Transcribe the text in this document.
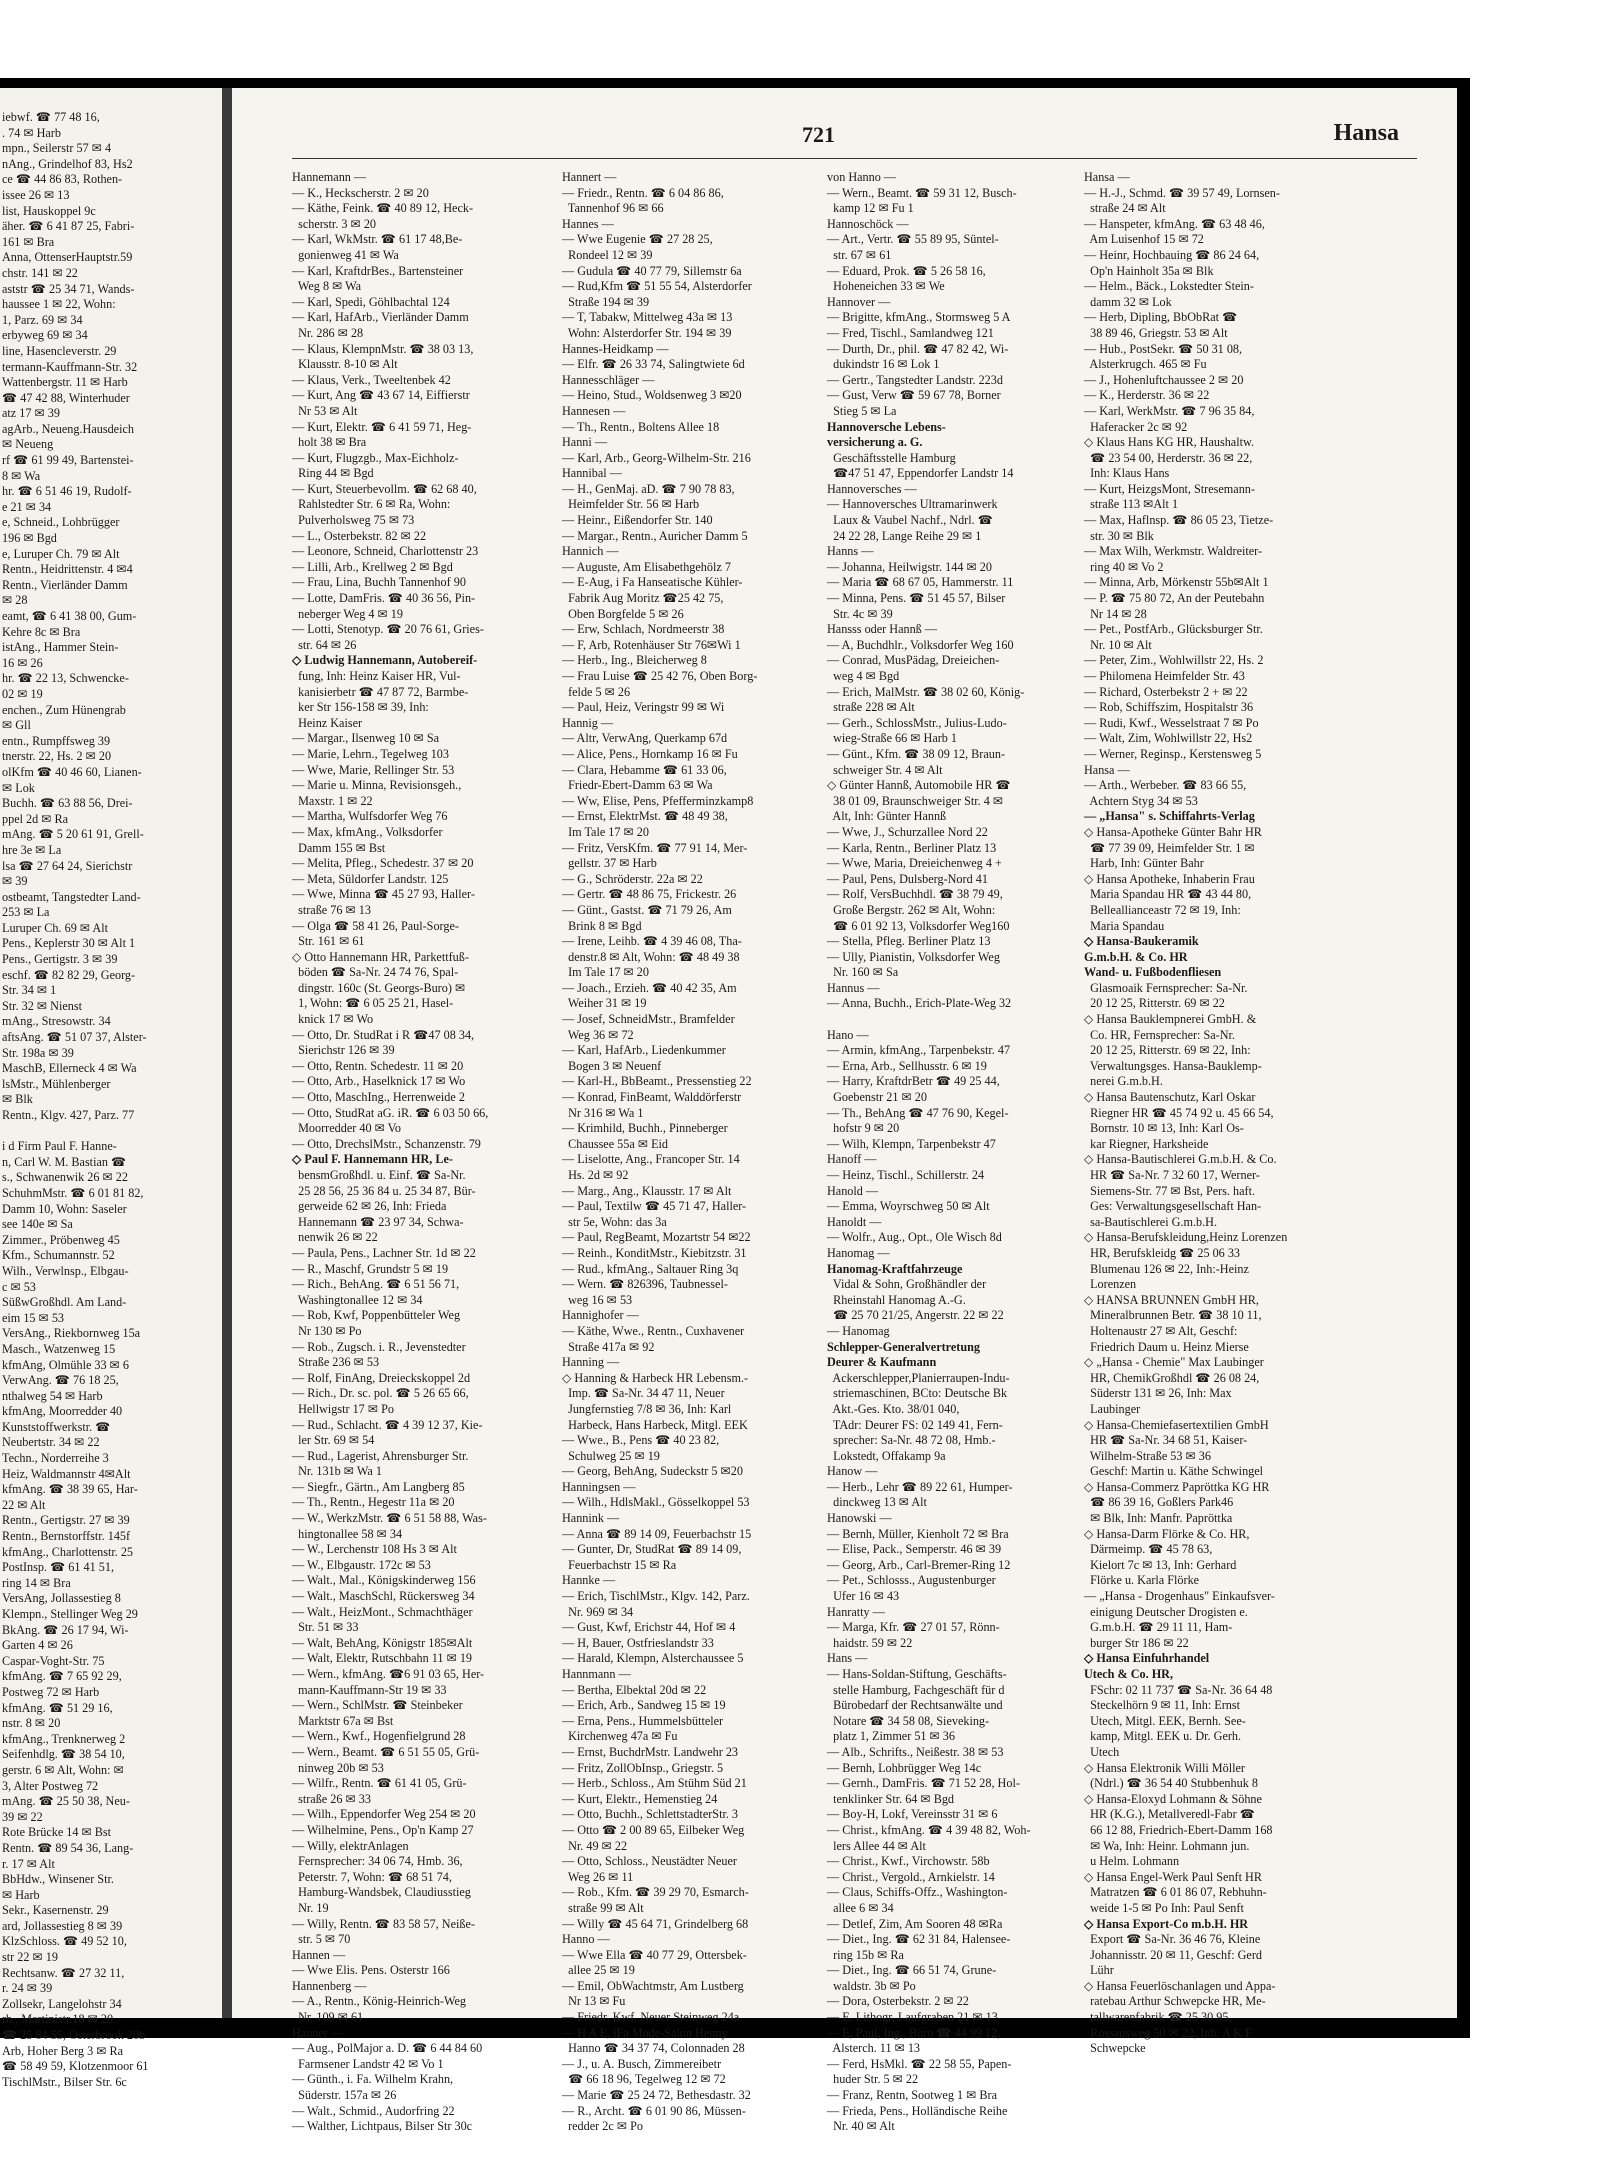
iebwf. ☎ 77 48 16,
. 74 ✉ Harb
mpn., Seilerstr 57 ✉ 4
nAng., Grindelhof 83, Hs2
ce ☎ 44 86 83, Rothen-
issee 26 ✉ 13
list, Hauskoppel 9c
äher. ☎ 6 41 87 25, Fabri-
161 ✉ Bra
Anna, OttenserHauptstr.59
chstr. 141 ✉ 22
aststr ☎ 25 34 71, Wands-
haussee 1 ✉ 22, Wohn:
1, Parz. 69 ✉ 34
erbyweg 69 ✉ 34
line, Hasencleverstr. 29
termann-Kauffmann-Str. 32
Wattenbergstr. 11 ✉ Harb
☎ 47 42 88, Winterhuder
atz 17 ✉ 39
agArb., Neueng.Hausdeich
✉ Neueng
rf ☎ 61 99 49, Bartenstei-
8 ✉ Wa
hr. ☎ 6 51 46 19, Rudolf-
e 21 ✉ 34
e, Schneid., Lohbrügger
196 ✉ Bgd
e, Luruper Ch. 79 ✉ Alt
Rentn., Heidrittenstr. 4 ✉4
Rentn., Vierländer Damm
✉ 28
eamt, ☎ 6 41 38 00, Gum-
Kehre 8c ✉ Bra
istAng., Hammer Stein-
16 ✉ 26
hr. ☎ 22 13, Schwencke-
02 ✉ 19
enchen., Zum Hünengrab
✉ Gll
entn., Rumpffsweg 39
tnerstr. 22, Hs. 2 ✉ 20
olKfm ☎ 40 46 60, Lianen-
✉ Lok
Buchh. ☎ 63 88 56, Drei-
ppel 2d ✉ Ra
mAng. ☎ 5 20 61 91, Grell-
hre 3e ✉ La
lsa ☎ 27 64 24, Sierichstr
✉ 39
ostbeamt, Tangstedter Land-
253 ✉ La
Luruper Ch. 69 ✉ Alt
Pens., Keplerstr 30 ✉ Alt 1
Pens., Gertigstr. 3 ✉ 39
eschf. ☎ 82 82 29, Georg-
Str. 34 ✉ 1
Str. 32 ✉ Nienst
mAng., Stresowstr. 34
aftsAng. ☎ 51 07 37, Alster-
Str. 198a ✉ 39
MaschB, Ellerneck 4 ✉ Wa
lsMstr., Mühlenberger
✉ Blk
Rentn., Klgv. 427, Parz. 77
i d Firm Paul F. Hanne-
n, Carl W. M. Bastian ☎
s., Schwanenwik 26 ✉ 22
SchuhmMstr. ☎ 6 01 81 82,
Damm 10, Wohn: Saseler
see 140e ✉ Sa
Zimmer., Pröbenweg 45
Kfm., Schumannstr. 52
Wilh., Verwlnsp., Elbgau-
c ✉ 53
SüßwGroßhdl. Am Land-
eim 15 ✉ 53
VersAng., Riekbornweg 15a
Masch., Watzenweg 15
kfmAng, Olmühle 33 ✉ 6
VerwAng. ☎ 76 18 25,
nthalweg 54 ✉ Harb
kfmAng, Moorredder 40
Kunststoffwerkstr. ☎
Neubertstr. 34 ✉ 22
Techn., Norderreihe 3
Heiz, Waldmannstr 4✉Alt
kfmAng. ☎ 38 39 65, Har-
22 ✉ Alt
Rentn., Gertigstr. 27 ✉ 39
Rentn., Bernstorffstr. 145f
kfmAng., Charlottenstr. 25
PostInsp. ☎ 61 41 51,
ring 14 ✉ Bra
VersAng, Jollassestieg 8
Klempn., Stellinger Weg 29
BkAng. ☎ 26 17 94, Wi-
Garten 4 ✉ 26
Caspar-Voght-Str. 75
kfmAng. ☎ 7 65 92 29,
Postweg 72 ✉ Harb
kfmAng. ☎ 51 29 16,
nstr. 8 ✉ 20
kfmAng., Trenknerweg 2
Seifenhdlg. ☎ 38 54 10,
gerstr. 6 ✉ Alt, Wohn: ✉
3, Alter Postweg 72
mAng. ☎ 25 50 38, Neu-
39 ✉ 22
Rote Brücke 14 ✉ Bst
Rentn. ☎ 89 54 36, Lang-
r. 17 ✉ Alt
BbHdw., Winsener Str.
✉ Harb
Sekr., Kasernenstr. 29
ard, Jollassestieg 8 ✉ 39
KlzSchloss. ☎ 49 52 10,
str 22 ✉ 19
Rechtsanw. ☎ 27 32 11,
r. 24 ✉ 39
Zollsekr, Langelohstr 34
rb., Martinistr.18 ✉ 20
☎ 25 84 55, Osterbrook 20b
Arb, Hoher Berg 3 ✉ Ra
☎ 58 49 59, Klotzenmoor 61
TischlMstr., Bilser Str. 6c
721	Hansa
Hannemann —
— K., Heckscherstr. 2 ✉ 20
— Käthe, Feink. ☎ 40 89 12, Heck-
scherstr. 3 ✉ 20
— Karl, WkMstr. ☎ 61 17 48,Be-
gonienweg 41 ✉ Wa
— Karl, KraftdrBes., Bartensteiner
Weg 8 ✉ Wa
— Karl, Spedi, Göhlbachtal 124
— Karl, HafArb., Vierländer Damm
Nr. 286 ✉ 28
— Klaus, KlempnMstr. ☎ 38 03 13,
Klausstr. 8-10 ✉ Alt
— Klaus, Verk., Tweeltenbek 42
— Kurt, Ang ☎ 43 67 14, Eiffierstr
Nr 53 ✉ Alt
— Kurt, Elektr. ☎ 6 41 59 71, Heg-
holt 38 ✉ Bra
— Kurt, Flugzgb., Max-Eichholz-
Ring 44 ✉ Bgd
— Kurt, Steuerbevollm. ☎ 62 68 40,
Rahlstedter Str. 6 ✉ Ra, Wohn:
Pulverholsweg 75 ✉ 73
— L., Osterbekstr. 82 ✉ 22
— Leonore, Schneid, Charlottenstr 23
— Lilli, Arb., Krellweg 2 ✉ Bgd
— Frau, Lina, Buchh Tannenhof 90
— Lotte, DamFris. ☎ 40 36 56, Pin-
neberger Weg 4 ✉ 19
— Lotti, Stenotyp. ☎ 20 76 61, Gries-
str. 64 ✉ 26
◇ Ludwig Hannemann, Autobereif-
fung, Inh: Heinz Kaiser HR, Vul-
kanisierbetr ☎ 47 87 72, Barmbe-
ker Str 156-158 ✉ 39, Inh:
Heinz Kaiser
— Margar., Ilsenweg 10 ✉ Sa
— Marie, Lehrn., Tegelweg 103
— Wwe, Marie, Rellinger Str. 53
— Marie u. Minna, Revisionsgeh.,
Maxstr. 1 ✉ 22
— Martha, Wulfsdorfer Weg 76
— Max, kfmAng., Volksdorfer
Damm 155 ✉ Bst
— Melita, Pfleg., Schedestr. 37 ✉ 20
— Meta, Süldorfer Landstr. 125
— Wwe, Minna ☎ 45 27 93, Haller-
straße 76 ✉ 13
— Olga ☎ 58 41 26, Paul-Sorge-
Str. 161 ✉ 61
◇ Otto Hannemann HR, Parkettfuß-
böden ☎ Sa-Nr. 24 74 76, Spal-
dingstr. 160c (St. Georgs-Buro) ✉
1, Wohn: ☎ 6 05 25 21, Hasel-
knick 17 ✉ Wo
— Otto, Dr. StudRat i R ☎47 08 34,
Sierichstr 126 ✉ 39
— Otto, Rentn. Schedestr. 11 ✉ 20
— Otto, Arb., Haselknick 17 ✉ Wo
— Otto, MaschIng., Herrenweide 2
— Otto, StudRat aG. iR. ☎ 6 03 50 66,
Moorredder 40 ✉ Vo
— Otto, DrechslMstr., Schanzenstr. 79
◇ Paul F. Hannemann HR, Le-
bensmGroßhdl. u. Einf. ☎ Sa-Nr.
25 28 56, 25 36 84 u. 25 34 87, Bür-
gerweide 62 ✉ 26, Inh: Frieda
Hannemann ☎ 23 97 34, Schwa-
nenwik 26 ✉ 22
— Paula, Pens., Lachner Str. 1d ✉ 22
— R., Maschf, Grundstr 5 ✉ 19
— Rich., BehAng. ☎ 6 51 56 71,
Washingtonallee 12 ✉ 34
— Rob, Kwf, Poppenbütteler Weg
Nr 130 ✉ Po
— Rob., Zugsch. i. R., Jevenstedter
Straße 236 ✉ 53
— Rolf, FinAng, Dreieckskoppel 2d
— Rich., Dr. sc. pol. ☎ 5 26 65 66,
Hellwigstr 17 ✉ Po
— Rud., Schlacht. ☎ 4 39 12 37, Kie-
ler Str. 69 ✉ 54
— Rud., Lagerist, Ahrensburger Str.
Nr. 131b ✉ Wa 1
— Siegfr., Gärtn., Am Langberg 85
— Th., Rentn., Hegestr 11a ✉ 20
— W., WerkzMstr. ☎ 6 51 58 88, Was-
hingtonallee 58 ✉ 34
— W., Lerchenstr 108 Hs 3 ✉ Alt
— W., Elbgaustr. 172c ✉ 53
— Walt., Mal., Königskinderweg 156
— Walt., MaschSchl, Rückersweg 34
— Walt., HeizMont., Schmachthäger
Str. 51 ✉ 33
— Walt, BehAng, Königstr 185✉Alt
— Walt, Elektr, Rutschbahn 11 ✉ 19
— Wern., kfmAng. ☎6 91 03 65, Her-
mann-Kauffmann-Str 19 ✉ 33
— Wern., SchlMstr. ☎ Steinbeker
Marktstr 67a ✉ Bst
— Wern., Kwf., Hogenfielgrund 28
— Wern., Beamt. ☎ 6 51 55 05, Grü-
ninweg 20b ✉ 53
— Wilfr., Rentn. ☎ 61 41 05, Grü-
straße 26 ✉ 33
— Wilh., Eppendorfer Weg 254 ✉ 20
— Wilhelmine, Pens., Op'n Kamp 27
— Willy, elektrAnlagen
Fernsprecher: 34 06 74, Hmb. 36,
Peterstr. 7, Wohn: ☎ 68 51 74,
Hamburg-Wandsbek, Claudiusstieg
Nr. 19
— Willy, Rentn. ☎ 83 58 57, Neiße-
str. 5 ✉ 70
Hannen —
— Wwe Elis. Pens. Osterstr 166
Hannenberg —
— A., Rentn., König-Heinrich-Weg
Nr. 109 ✉ 61
Hanner —
— Aug., PolMajor a. D. ☎ 6 44 84 60
Farmsener Landstr 42 ✉ Vo 1
— Günth., i. Fa. Wilhelm Krahn,
Süderstr. 157a ✉ 26
— Walt., Schmid., Audorfring 22
— Walther, Lichtpaus, Bilser Str 30c
Hannert —
— Friedr., Rentn. ☎ 6 04 86 86,
Tannenhof 96 ✉ 66
Hannes —
— Wwe Eugenie ☎ 27 28 25,
Rondeel 12 ✉ 39
— Gudula ☎ 40 77 79, Sillemstr 6a
— Rud,Kfm ☎ 51 55 54, Alsterdorfer
Straße 194 ✉ 39
— T, Tabakw, Mittelweg 43a ✉ 13
Wohn: Alsterdorfer Str. 194 ✉ 39
Hannes-Heidkamp —
— Elfr. ☎ 26 33 74, Salingtwiete 6d
Hannesschläger —
— Heino, Stud., Woldsenweg 3 ✉20
Hannesen —
— Th., Rentn., Boltens Allee 18
Hanni —
— Karl, Arb., Georg-Wilhelm-Str. 216
Hannibal —
— H., GenMaj. aD. ☎ 7 90 78 83,
Heimfelder Str. 56 ✉ Harb
— Heinr., Eißendorfer Str. 140
— Margar., Rentn., Auricher Damm 5
Hannich —
— Auguste, Am Elisabethgehölz 7
— E-Aug, i Fa Hanseatische Kühler-
Fabrik Aug Moritz ☎25 42 75,
Oben Borgfelde 5 ✉ 26
— Erw, Schlach, Nordmeerstr 38
— F, Arb, Rotenhäuser Str 76✉Wi 1
— Herb., Ing., Bleicherweg 8
— Frau Luise ☎ 25 42 76, Oben Borg-
felde 5 ✉ 26
— Paul, Heiz, Veringstr 99 ✉ Wi
Hannig —
— Altr, VerwAng, Querkamp 67d
— Alice, Pens., Hornkamp 16 ✉ Fu
— Clara, Hebamme ☎ 61 33 06,
Friedr-Ebert-Damm 63 ✉ Wa
— Ww, Elise, Pens, Pfefferminzkamp8
— Ernst, ElektrMst. ☎ 48 49 38,
Im Tale 17 ✉ 20
— Fritz, VersKfm. ☎ 77 91 14, Mer-
gellstr. 37 ✉ Harb
— G., Schröderstr. 22a ✉ 22
— Gertr. ☎ 48 86 75, Frickestr. 26
— Günt., Gastst. ☎ 71 79 26, Am
Brink 8 ✉ Bgd
— Irene, Leihb. ☎ 4 39 46 08, Tha-
denstr.8 ✉ Alt, Wohn: ☎ 48 49 38
Im Tale 17 ✉ 20
— Joach., Erzieh. ☎ 40 42 35, Am
Weiher 31 ✉ 19
— Josef, SchneidMstr., Bramfelder
Weg 36 ✉ 72
— Karl, HafArb., Liedenkummer
Bogen 3 ✉ Neuenf
— Karl-H., BbBeamt., Pressenstieg 22
— Konrad, FinBeamt, Walddörferstr
Nr 316 ✉ Wa 1
— Krimhild, Buchh., Pinneberger
Chaussee 55a ✉ Eid
— Liselotte, Ang., Francoper Str. 14
Hs. 2d ✉ 92
— Marg., Ang., Klausstr. 17 ✉ Alt
— Paul, Textilw ☎ 45 71 47, Haller-
str 5e, Wohn: das 3a
— Paul, RegBeamt, Mozartstr 54 ✉22
— Reinh., KonditMstr., Kiebitzstr. 31
— Rud., kfmAng., Saltauer Ring 3q
— Wern. ☎ 826396, Taubnessel-
weg 16 ✉ 53
Hannighofer —
— Käthe, Wwe., Rentn., Cuxhavener
Straße 417a ✉ 92
Hanning —
◇ Hanning & Harbeck HR Lebensm.-
Imp. ☎ Sa-Nr. 34 47 11, Neuer
Jungfernstieg 7/8 ✉ 36, Inh: Karl
Harbeck, Hans Harbeck, Mitgl. EEK
— Wwe., B., Pens ☎ 40 23 82,
Schulweg 25 ✉ 19
— Georg, BehAng, Sudeckstr 5 ✉20
Hanningsen —
— Wilh., HdlsMakl., Gösselkoppel 53
Hannink —
— Anna ☎ 89 14 09, Feuerbachstr 15
— Gunter, Dr, StudRat ☎ 89 14 09,
Feuerbachstr 15 ✉ Ra
Hannke —
— Erich, TischlMstr., Klgv. 142, Parz.
Nr. 969 ✉ 34
— Gust, Kwf, Erichstr 44, Hof ✉ 4
— H, Bauer, Ostfrieslandstr 33
— Harald, Klempn, Alsterchaussee 5
Hannmann —
— Bertha, Elbektal 20d ✉ 22
— Erich, Arb., Sandweg 15 ✉ 19
— Erna, Pens., Hummelsbütteler
Kirchenweg 47a ✉ Fu
— Ernst, BuchdrMstr. Landwehr 23
— Fritz, ZollObInsp., Griegstr. 5
— Herb., Schloss., Am Stühm Süd 21
— Kurt, Elektr., Hemenstieg 24
— Otto, Buchh., SchlettstadterStr. 3
— Otto ☎ 2 00 89 65, Eilbeker Weg
Nr. 49 ✉ 22
— Otto, Schloss., Neustädter Neuer
Weg 26 ✉ 11
— Rob., Kfm. ☎ 39 29 70, Esmarch-
straße 99 ✉ Alt
— Willy ☎ 45 64 71, Grindelberg 68
Hanno —
— Wwe Ella ☎ 40 77 29, Ottersbek-
allee 25 ✉ 19
— Emil, ObWachtmstr, Am Lustberg
Nr 13 ✉ Fu
— Friedr, Kwf, Neuer Steinweg 24a
— H A E, iFa Mode-Salon Henny
Hanno ☎ 34 37 74, Colonnaden 28
— J., u. A. Busch, Zimmereibetr
☎ 66 18 96, Tegelweg 12 ✉ 72
— Marie ☎ 25 24 72, Bethesdastr. 32
— R., Archt. ☎ 6 01 90 86, Müssen-
redder 2c ✉ Po
von Hanno —
— Wern., Beamt. ☎ 59 31 12, Busch-
kamp 12 ✉ Fu 1
Hannoschöck —
— Art., Vertr. ☎ 55 89 95, Süntel-
str. 67 ✉ 61
— Eduard, Prok. ☎ 5 26 58 16,
Hoheneichen 33 ✉ We
Hannover —
— Brigitte, kfmAng., Stormsweg 5 A
— Fred, Tischl., Samlandweg 121
— Durth, Dr., phil. ☎ 47 82 42, Wi-
dukindstr 16 ✉ Lok 1
— Gertr., Tangstedter Landstr. 223d
— Gust, Verw ☎ 59 67 78, Borner
Stieg 5 ✉ La
Hannoversche Lebens-
versicherung a. G.
Geschäftsstelle Hamburg
☎47 51 47, Eppendorfer Landstr 14
Hannoversches —
— Hannoversches Ultramarinwerk
Laux & Vaubel Nachf., Ndrl. ☎
24 22 28, Lange Reihe 29 ✉ 1
Hanns —
— Johanna, Heilwigstr. 144 ✉ 20
— Maria ☎ 68 67 05, Hammerstr. 11
— Minna, Pens. ☎ 51 45 57, Bilser
Str. 4c ✉ 39
Hansss oder Hannß —
— A, Buchdhlr., Volksdorfer Weg 160
— Conrad, MusPädag, Dreieichen-
weg 4 ✉ Bgd
— Erich, MalMstr. ☎ 38 02 60, König-
straße 228 ✉ Alt
— Gerh., SchlossMstr., Julius-Ludo-
wieg-Straße 66 ✉ Harb 1
— Günt., Kfm. ☎ 38 09 12, Braun-
schweiger Str. 4 ✉ Alt
◇ Günter Hannß, Automobile HR ☎
38 01 09, Braunschweiger Str. 4 ✉
Alt, Inh: Günter Hannß
— Wwe, J., Schurzallee Nord 22
— Karla, Rentn., Berliner Platz 13
— Wwe, Maria, Dreieichenweg 4 +
— Paul, Pens, Dulsberg-Nord 41
— Rolf, VersBuchhdl. ☎ 38 79 49,
Große Bergstr. 262 ✉ Alt, Wohn:
☎ 6 01 92 13, Volksdorfer Weg160
— Stella, Pfleg. Berliner Platz 13
— Ully, Pianistin, Volksdorfer Weg
Nr. 160 ✉ Sa
Hannus —
— Anna, Buchh., Erich-Plate-Weg 32
Hano —
— Armin, kfmAng., Tarpenbekstr. 47
— Erna, Arb., Sellhusstr. 6 ✉ 19
— Harry, KraftdrBetr ☎ 49 25 44,
Goebenstr 21 ✉ 20
— Th., BehAng ☎ 47 76 90, Kegel-
hofstr 9 ✉ 20
— Wilh, Klempn, Tarpenbekstr 47
Hanoff —
— Heinz, Tischl., Schillerstr. 24
Hanold —
— Emma, Woyrschweg 50 ✉ Alt
Hanoldt —
— Wolfr., Aug., Opt., Ole Wisch 8d
Hanomag —
Hanomag-Kraftfahrzeuge
Vidal & Sohn, Großhändler der
Rheinstahl Hanomag A.-G.
☎ 25 70 21/25, Angerstr. 22 ✉ 22
— Hanomag
Schlepper-Generalvertretung
Deurer & Kaufmann
Ackerschlepper,Planierraupen-Indu-
striemaschinen, BCto: Deutsche Bk
Akt.-Ges. Kto. 38/01 040,
TAdr: Deurer FS: 02 149 41, Fern-
sprecher: Sa-Nr. 48 72 08, Hmb.-
Lokstedt, Offakamp 9a
Hanow —
— Herb., Lehr ☎ 89 22 61, Humper-
dinckweg 13 ✉ Alt
Hanowski —
— Bernh, Müller, Kienholt 72 ✉ Bra
— Elise, Pack., Semperstr. 46 ✉ 39
— Georg, Arb., Carl-Bremer-Ring 12
— Pet., Schlosss., Augustenburger
Ufer 16 ✉ 43
Hanratty —
— Marga, Kfr. ☎ 27 01 57, Rönn-
haidstr. 59 ✉ 22
Hans —
— Hans-Soldan-Stiftung, Geschäfts-
stelle Hamburg, Fachgeschäft für d
Bürobedarf der Rechtsanwälte und
Notare ☎ 34 58 08, Sieveking-
platz 1, Zimmer 51 ✉ 36
— Alb., Schrifts., Neißestr. 38 ✉ 53
— Bernh, Lohbrügger Weg 14c
— Gernh., DamFris. ☎ 71 52 28, Hol-
tenklinker Str. 64 ✉ Bgd
— Boy-H, Lokf, Vereinsstr 31 ✉ 6
— Christ., kfmAng. ☎ 4 39 48 82, Woh-
lers Allee 44 ✉ Alt
— Christ., Kwf., Virchowstr. 58b
— Christ., Vergold., Arnkielstr. 14
— Claus, Schiffs-Offz., Washington-
allee 6 ✉ 34
— Detlef, Zim, Am Sooren 48 ✉Ra
— Diet., Ing. ☎ 62 31 84, Halensee-
ring 15b ✉ Ra
— Diet., Ing. ☎ 66 51 74, Grune-
waldstr. 3b ✉ Po
— Dora, Osterbekstr. 2 ✉ 22
— E, Lithogr, Laufgraben 21 ✉ 13
— E, Paul, Ing., Büro ☎ 44 99 12,
Alsterch. 11 ✉ 13
— Ferd, HsMkl. ☎ 22 58 55, Papen-
huder Str. 5 ✉ 22
— Franz, Rentn, Sootweg 1 ✉ Bra
— Frieda, Pens., Holländische Reihe
Nr. 40 ✉ Alt
Hansa —
— H.-J., Schmd. ☎ 39 57 49, Lornsen-
straße 24 ✉ Alt
— Hanspeter, kfmAng. ☎ 63 48 46,
Am Luisenhof 15 ✉ 72
— Heinr, Hochbauing ☎ 86 24 64,
Op'n Hainholt 35a ✉ Blk
— Helm., Bäck., Lokstedter Stein-
damm 32 ✉ Lok
— Herb, Dipling, BbObRat ☎
38 89 46, Griegstr. 53 ✉ Alt
— Hub., PostSekr. ☎ 50 31 08,
Alsterkrugch. 465 ✉ Fu
— J., Hohenluftchaussee 2 ✉ 20
— K., Herderstr. 36 ✉ 22
— Karl, WerkMstr. ☎ 7 96 35 84,
Haferacker 2c ✉ 92
◇ Klaus Hans KG HR, Haushaltw.
☎ 23 54 00, Herderstr. 36 ✉ 22,
Inh: Klaus Hans
— Kurt, HeizgsMont, Stresemann-
straße 113 ✉Alt 1
— Max, Haflnsp. ☎ 86 05 23, Tietze-
str. 30 ✉ Blk
— Max Wilh, Werkmstr. Waldreiter-
ring 40 ✉ Vo 2
— Minna, Arb, Mörkenstr 55b✉Alt 1
— P. ☎ 75 80 72, An der Peutebahn
Nr 14 ✉ 28
— Pet., PostfArb., Glücksburger Str.
Nr. 10 ✉ Alt
— Peter, Zim., Wohlwillstr 22, Hs. 2
— Philomena Heimfelder Str. 43
— Richard, Osterbekstr 2 + ✉ 22
— Rob, Schiffszim, Hospitalstr 36
— Rudi, Kwf., Wesselstraat 7 ✉ Po
— Walt, Zim, Wohlwillstr 22, Hs2
— Werner, Reginsp., Kerstensweg 5
Hansa —
— Arth., Werbeber. ☎ 83 66 55,
Achtern Styg 34 ✉ 53
— „Hansa" s. Schiffahrts-Verlag
◇ Hansa-Apotheke Günter Bahr HR
☎ 77 39 09, Heimfelder Str. 1 ✉
Harb, Inh: Günter Bahr
◇ Hansa Apotheke, Inhaberin Frau
Maria Spandau HR ☎ 43 44 80,
Belleallianceastr 72 ✉ 19, Inh:
Maria Spandau
◇ Hansa-Baukeramik
G.m.b.H. & Co. HR
Wand- u. Fußbodenfliesen
Glasmoaik Fernsprecher: Sa-Nr.
20 12 25, Ritterstr. 69 ✉ 22
◇ Hansa Bauklempnerei GmbH. &
Co. HR, Fernsprecher: Sa-Nr.
20 12 25, Ritterstr. 69 ✉ 22, Inh:
Verwaltungsges. Hansa-Bauklemp-
nerei G.m.b.H.
◇ Hansa Bautenschutz, Karl Oskar
Riegner HR ☎ 45 74 92 u. 45 66 54,
Bornstr. 10 ✉ 13, Inh: Karl Os-
kar Riegner, Harksheide
◇ Hansa-Bautischlerei G.m.b.H. & Co.
HR ☎ Sa-Nr. 7 32 60 17, Werner-
Siemens-Str. 77 ✉ Bst, Pers. haft.
Ges: Verwaltungsgesellschaft Han-
sa-Bautischlerei G.m.b.H.
◇ Hansa-Berufskleidung,Heinz Lorenzen
HR, Berufskleidg ☎ 25 06 33
Blumenau 126 ✉ 22, Inh:-Heinz
Lorenzen
◇ HANSA BRUNNEN GmbH HR,
Mineralbrunnen Betr. ☎ 38 10 11,
Holtenaustr 27 ✉ Alt, Geschf:
Friedrich Daum u. Heinz Mierse
◇ „Hansa - Chemie" Max Laubinger
HR, ChemikGroßhdl ☎ 26 08 24,
Süderstr 131 ✉ 26, Inh: Max
Laubinger
◇ Hansa-Chemiefasertextilien GmbH
HR ☎ Sa-Nr. 34 68 51, Kaiser-
Wilhelm-Straße 53 ✉ 36
Geschf: Martin u. Käthe Schwingel
◇ Hansa-Commerz Papröttka KG HR
☎ 86 39 16, Goßlers Park46
✉ Blk, Inh: Manfr. Papröttka
◇ Hansa-Darm Flörke & Co. HR,
Därmeimp. ☎ 45 78 63,
Kielort 7c ✉ 13, Inh: Gerhard
Flörke u. Karla Flörke
— „Hansa - Drogenhaus" Einkaufsver-
einigung Deutscher Drogisten e.
G.m.b.H. ☎ 29 11 11, Ham-
burger Str 186 ✉ 22
◇ Hansa Einfuhrhandel
Utech & Co. HR,
FSchr: 02 11 737 ☎ Sa-Nr. 36 64 48
Steckelhörn 9 ✉ 11, Inh: Ernst
Utech, Mitgl. EEK, Bernh. See-
kamp, Mitgl. EEK u. Dr. Gerh.
Utech
◇ Hansa Elektronik Willi Möller
(Ndrl.) ☎ 36 54 40 Stubbenhuk 8
◇ Hansa-Eloxyd Lohmann & Söhne
HR (K.G.), Metallveredl-Fabr ☎
66 12 88, Friedrich-Ebert-Damm 168
✉ Wa, Inh: Heinr. Lohmann jun.
u Helm. Lohmann
◇ Hansa Engel-Werk Paul Senft HR
Matratzen ☎ 6 01 86 07, Rebhuhn-
weide 1-5 ✉ Po Inh: Paul Senft
◇ Hansa Export-Co m.b.H. HR
Export ☎ Sa-Nr. 36 46 76, Kleine
Johannisstr. 20 ✉ 11, Geschf: Gerd
Lühr
◇ Hansa Feuerlöschanlagen und Appa-
ratebau Arthur Schwepcke HR, Me-
tallwarenfabrik ☎ 25 30 95,
Rossausweg 50 ✉ 22, Inh: A K F
Schwepcke
